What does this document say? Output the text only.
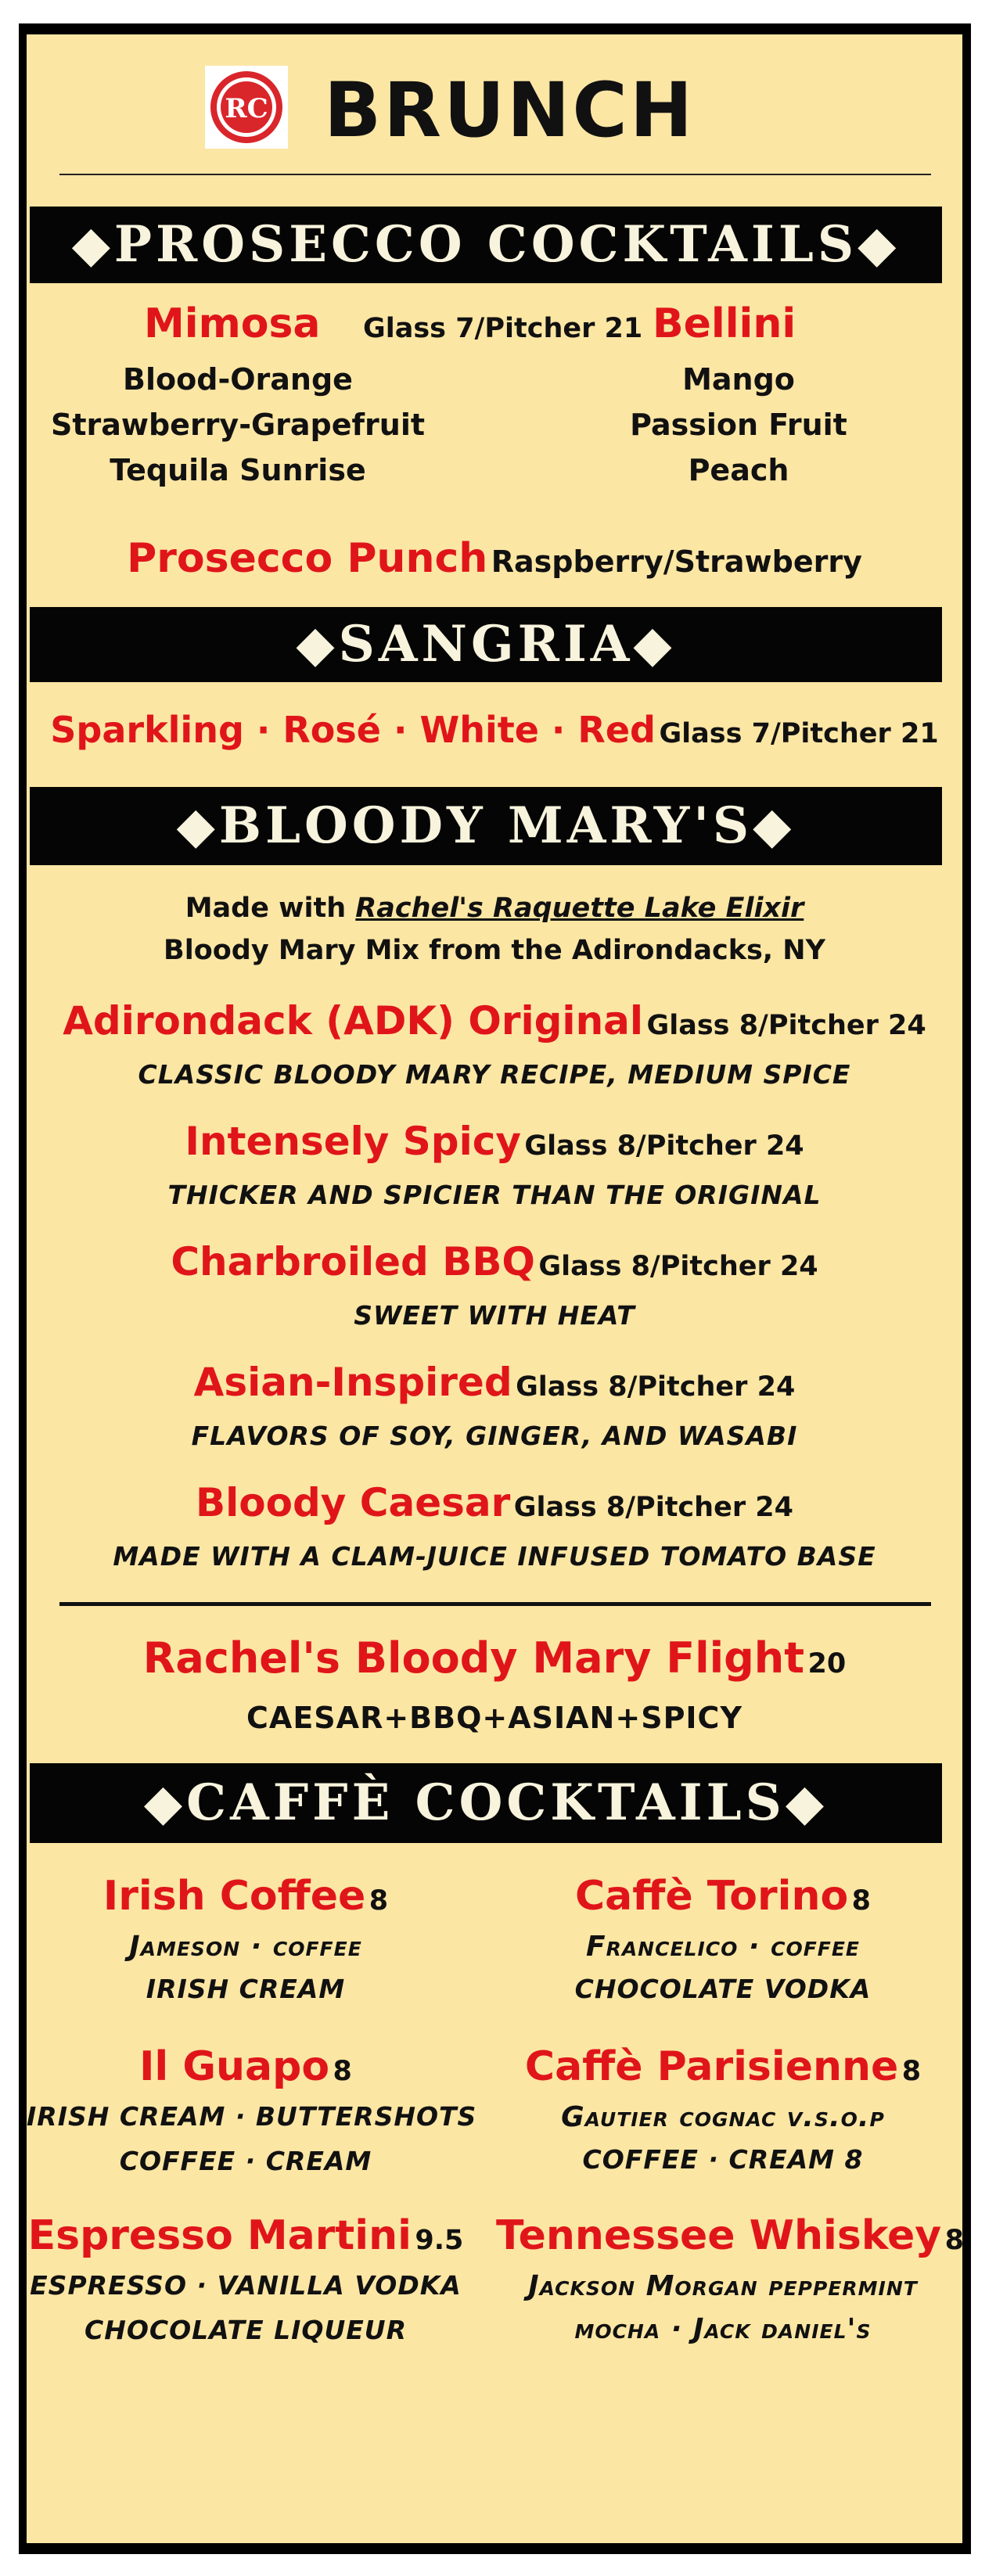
RC BRUNCH
◆PROSECCO COCKTAILS◆
Mimosa Glass 7/Pitcher 21 Bellini
Blood-Orange
Strawberry-Grapefruit
Tequila Sunrise
Mango
Passion Fruit
Peach
Prosecco Punch Raspberry/Strawberry
◆SANGRIA◆
Sparkling · Rosé · White · Red Glass 7/Pitcher 21
◆BLOODY MARY'S◆
Made with Rachel's Raquette Lake Elixir
Bloody Mary Mix from the Adirondacks, NY
Adirondack (ADK) Original Glass 8/Pitcher 24
CLASSIC BLOODY MARY RECIPE, MEDIUM SPICE
Intensely Spicy Glass 8/Pitcher 24
THICKER AND SPICIER THAN THE ORIGINAL
Charbroiled BBQ Glass 8/Pitcher 24
SWEET WITH HEAT
Asian-Inspired Glass 8/Pitcher 24
FLAVORS OF SOY, GINGER, AND WASABI
Bloody Caesar Glass 8/Pitcher 24
MADE WITH A CLAM-JUICE INFUSED TOMATO BASE
Rachel's Bloody Mary Flight 20
CAESAR+BBQ+ASIAN+SPICY
◆CAFFÈ COCKTAILS◆
Irish Coffee 8
Jameson · coffee
IRISH CREAM
Il Guapo 8
IRISH CREAM · BUTTERSHOTS
COFFEE · CREAM
Espresso Martini 9.5
ESPRESSO · VANILLA VODKA
CHOCOLATE LIQUEUR
Caffè Torino 8
Francelico · coffee
CHOCOLATE VODKA
Caffè Parisienne 8
Gautier cognac v.s.o.p
COFFEE · CREAM 8
Tennessee Whiskey 8
Jackson Morgan peppermint
mocha · Jack daniel's
